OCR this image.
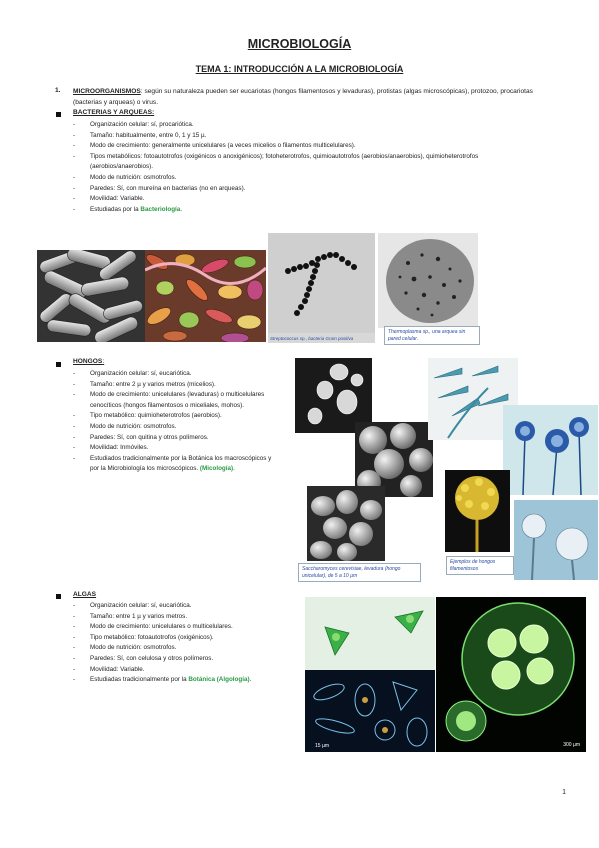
MICROBIOLOGÍA
TEMA 1: INTRODUCCIÓN A LA MICROBIOLOGÍA
1. MICROORGANISMOS: según su naturaleza pueden ser eucariotas (hongos filamentosos y levaduras), protistas (algas microscópicas), protozoo, procariotas (bacterias y arqueas) o virus.
BACTERIAS Y ARQUEAS:
- Organización celular: sí, procariótica.
- Tamaño: habitualmente, entre 0, 1 y 15 µ.
- Modo de crecimiento: generalmente unicelulares (a veces micelios o filamentos multicelulares).
- Tipos metabólicos: fotoautotrofos (oxigénicos o anoxigénicos); fotoheterotrofos, quimioautotrofos (aerobios/anaerobios), quimioheterotrofos (aerobios/anaerobios).
- Modo de nutrición: osmotrofos.
- Paredes: Sí, con mureína en bacterias (no en arqueas).
- Movilidad: Variable.
- Estudiadas por la Bacteriología.
Streptococcus sp., bacteria Gram positiva
Thermoplasma sp., una arquea sin pared celular.
HONGOS:
- Organización celular: sí, eucariótica.
- Tamaño: entre 2 µ y varios metros (micelios).
- Modo de crecimiento: unicelulares (levaduras) o multicelulares cenocíticos (hongos filamentosos o miceliales, mohos).
- Tipo metabólico: quimioheterotrofos (aerobios).
- Modo de nutrición: osmotrofos.
- Paredes: Sí, con quitina y otros polímeros.
- Movilidad: Inmóviles.
- Estudiados tradicionalmente por la Botánica los macroscópicos y por la Microbiología los microscópicos. (Micología).
Saccharomyces cerevisiae, levadura (hongo unicelular), de 5 a 10 µm
Ejemplos de hongos filamentosos
ALGAS
- Organización celular: sí, eucariótica.
- Tamaño: entre 1 µ y varios metros.
- Modo de crecimiento: unicelulares o multicelulares.
- Tipo metabólico: fotoautotrofos (oxigénicos).
- Modo de nutrición: osmotrofos.
- Paredes: Sí, con celulosa y otros polímeros.
- Movilidad: Variable.
- Estudiadas tradicionalmente por la Botánica (Algología).
15 µm	300 µm
1
